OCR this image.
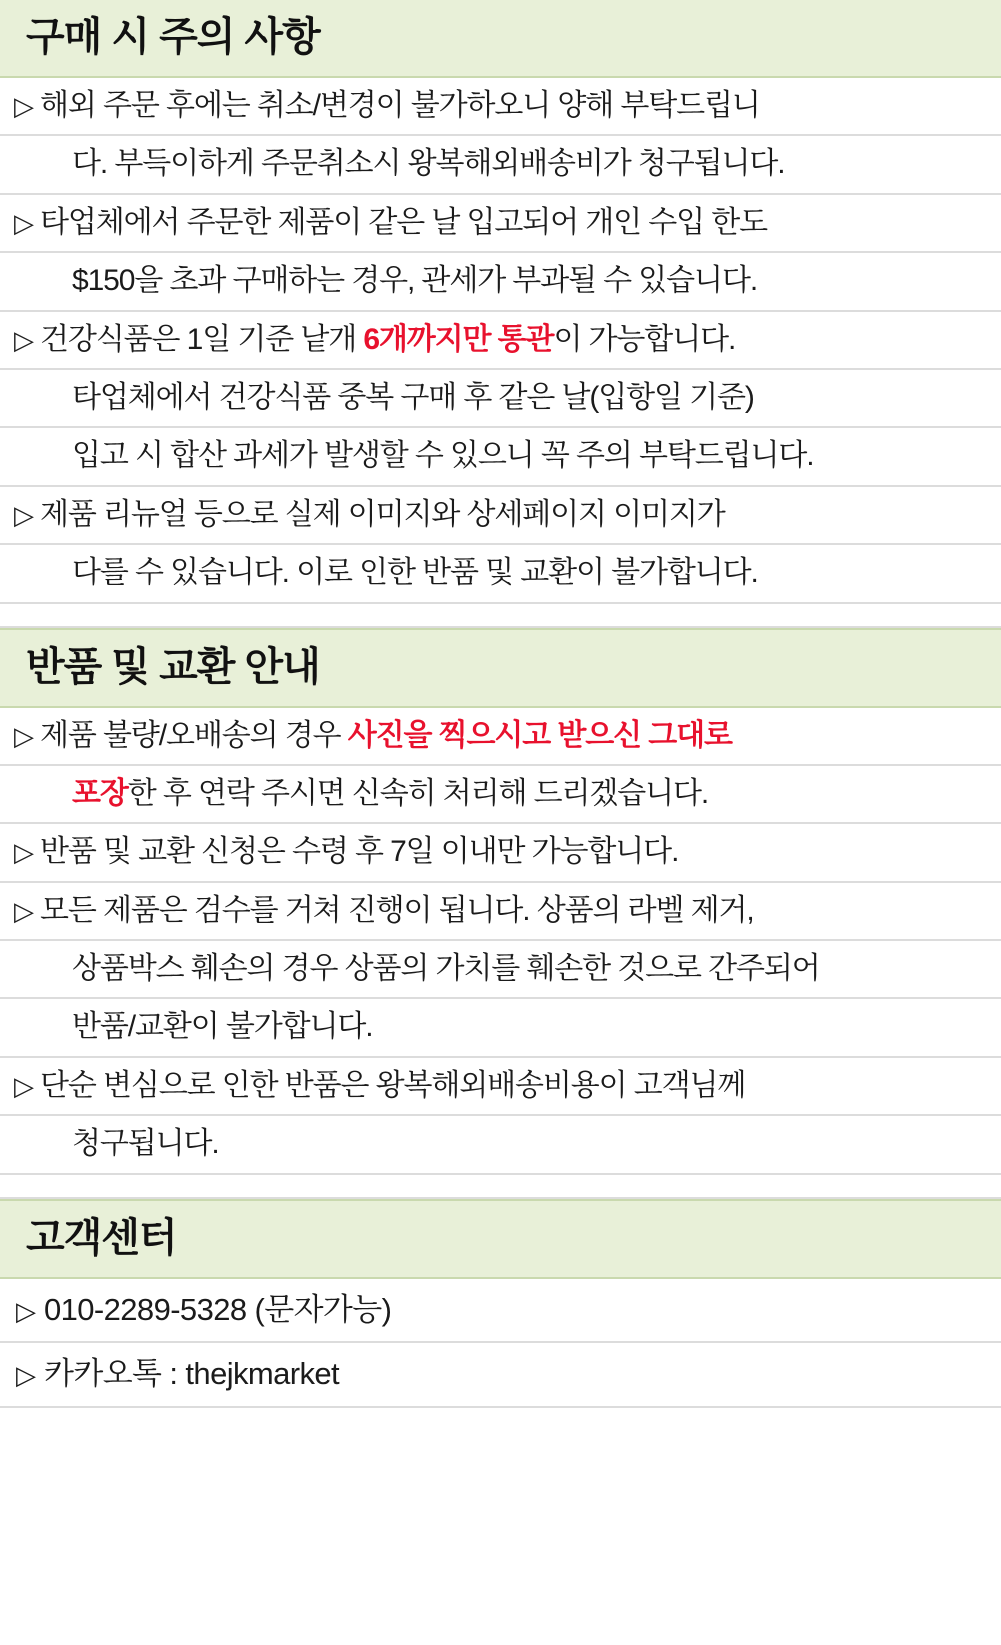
구매 시 주의 사항
▷ 해외 주문 후에는 취소/변경이 불가하오니 양해 부탁드립니
다. 부득이하게 주문취소시 왕복해외배송비가 청구됩니다.
▷ 타업체에서 주문한 제품이 같은 날 입고되어 개인 수입 한도
$150을 초과 구매하는 경우, 관세가 부과될 수 있습니다.
▷ 건강식품은 1일 기준 낱개 6개까지만 통관이 가능합니다.
타업체에서 건강식품 중복 구매 후 같은 날(입항일 기준)
입고 시 합산 과세가 발생할 수 있으니 꼭 주의 부탁드립니다.
▷ 제품 리뉴얼 등으로 실제 이미지와 상세페이지 이미지가
다를 수 있습니다. 이로 인한 반품 및 교환이 불가합니다.
반품 및 교환 안내
▷ 제품 불량/오배송의 경우 사진을 찍으시고 받으신 그대로
포장한 후 연락 주시면 신속히 처리해 드리겠습니다.
▷ 반품 및 교환 신청은 수령 후 7일 이내만 가능합니다.
▷ 모든 제품은 검수를 거쳐 진행이 됩니다. 상품의 라벨 제거,
상품박스 훼손의 경우 상품의 가치를 훼손한 것으로 간주되어
반품/교환이 불가합니다.
▷ 단순 변심으로 인한 반품은 왕복해외배송비용이 고객님께
청구됩니다.
고객센터
▷ 010-2289-5328 (문자가능)
▷ 카카오톡 : thejkmarket
